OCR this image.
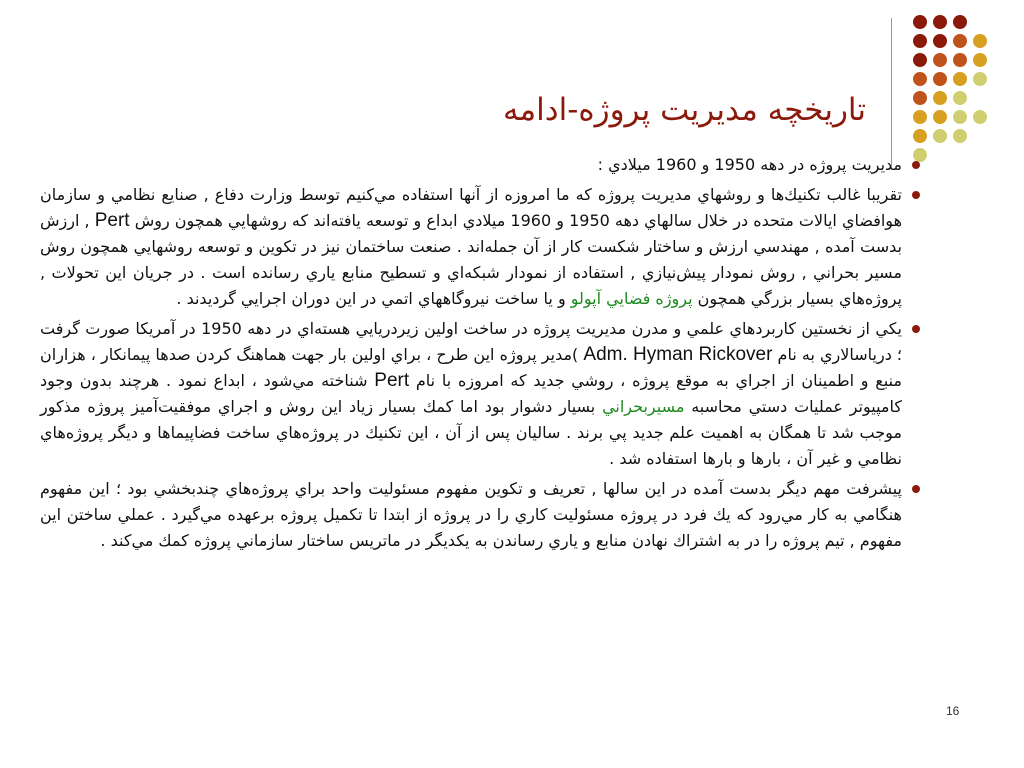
تاريخچه مديريت پروژه-ادامه
مديريت پروژه در دهه 1950 و 1960 ميلادي :
تقريبا غالب تكنيك‌ها و روشهاي مديريت پروژه كه ما امروزه از آنها استفاده مي‌كنيم توسط وزارت دفاع , صنايع نظامي و سازمان هوافضاي ايالات متحده در خلال سالهاي دهه 1950 و 1960 ميلادي ابداع و توسعه يافته‌اند كه روشهايي همچون روش Pert , ارزش بدست آمده , مهندسي ارزش و ساختار شكست كار از آن جمله‌اند . صنعت ساختمان نيز در تكوين و توسعه روشهايي همچون روش مسير بحراني , روش نمودار پيش‌نيازي , استفاده از نمودار شبكه‌اي و تسطيح منابع ياري رسانده است . در جريان اين تحولات , پروژه‌هاي بسيار بزرگي همچون پروژه فضايي آپولو و يا ساخت نيروگاههاي اتمي در اين دوران اجرايي گرديدند .
يكي از نخستين كاربردهاي علمي و مدرن مديريت پروژه در ساخت اولين زيردريايي هسته‌اي در دهه 1950 در آمريكا صورت گرفت ؛ درياسالاري به نام Adm. Hyman Rickover )مدير پروژه اين طرح ، براي اولين بار جهت هماهنگ كردن صدها پيمانكار ، هزاران منبع و اطمينان از اجراي به موقع پروژه ، روشي جديد كه امروزه با نام Pert شناخته مي‌شود ، ابداع نمود . هرچند بدون وجود كامپيوتر عمليات دستي محاسبه مسيربحراني بسيار دشوار بود اما كمك بسيار زياد اين روش و اجراي موفقيت‌آميز پروژه مذكور موجب شد تا همگان به اهميت علم جديد پي برند . ساليان پس از آن ، اين تكنيك در پروژه‌هاي ساخت فضاپيماها و ديگر پروژه‌هاي نظامي و غير آن ، بارها و بارها استفاده شد .
پيشرفت مهم ديگر بدست آمده در اين سالها , تعريف و تكوين مفهوم مسئوليت واحد براي پروژه‌هاي چندبخشي بود ؛ اين مفهوم هنگامي به كار مي‌رود كه يك فرد در پروژه مسئوليت كاري را در پروژه از ابتدا تا تكميل پروژه برعهده مي‌گيرد . عملي ساختن اين مفهوم , تيم پروژه را در به اشتراك نهادن منابع و ياري رساندن به يكديگر در ماتريس ساختار سازماني پروژه كمك مي‌كند .
16
